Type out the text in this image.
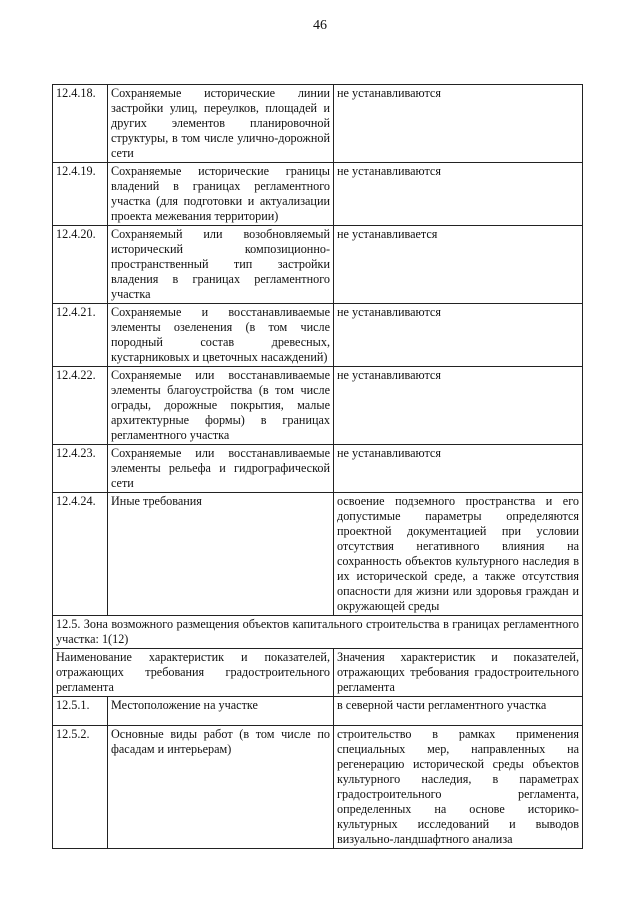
46
12.4.18.	Сохраняемые исторические линии застройки улиц, переулков, площадей и других элементов планировочной структуры, в том числе улично-дорожной сети	не устанавливаются
12.4.19.	Сохраняемые исторические границы владений в границах регламентного участка (для подготовки и актуализации проекта межевания территории)	не устанавливаются
12.4.20.	Сохраняемый или возобновляемый исторический композиционно-пространственный тип застройки владения в границах регламентного участка	не устанавливается
12.4.21.	Сохраняемые и восстанавливаемые элементы озеленения (в том числе породный состав древесных, кустарниковых и цветочных насаждений)	не устанавливаются
12.4.22.	Сохраняемые или восстанавливаемые элементы благоустройства (в том числе ограды, дорожные покрытия, малые архитектурные формы) в границах регламентного участка	не устанавливаются
12.4.23.	Сохраняемые или восстанавливаемые элементы рельефа и гидрографической сети	не устанавливаются
12.4.24.	Иные требования	освоение подземного пространства и его допустимые параметры определяются проектной документацией при условии отсутствия негативного влияния на сохранность объектов культурного наследия в их исторической среде, а также отсутствия опасности для жизни или здоровья граждан и окружающей среды
12.5. Зона возможного размещения объектов капитального строительства в границах регламентного участка: 1(12)		
Наименование характеристик и показателей, отражающих требования градостроительного регламента		Значения характеристик и показателей, отражающих требования градостроительного регламента
12.5.1.	Местоположение на участке	в северной части регламентного участка
12.5.2.	Основные виды работ (в том числе по фасадам и интерьерам)	строительство в рамках применения специальных мер, направленных на регенерацию исторической среды объектов культурного наследия, в параметрах градостроительного регламента, определенных на основе историко-культурных исследований и выводов визуально-ландшафтного анализа
